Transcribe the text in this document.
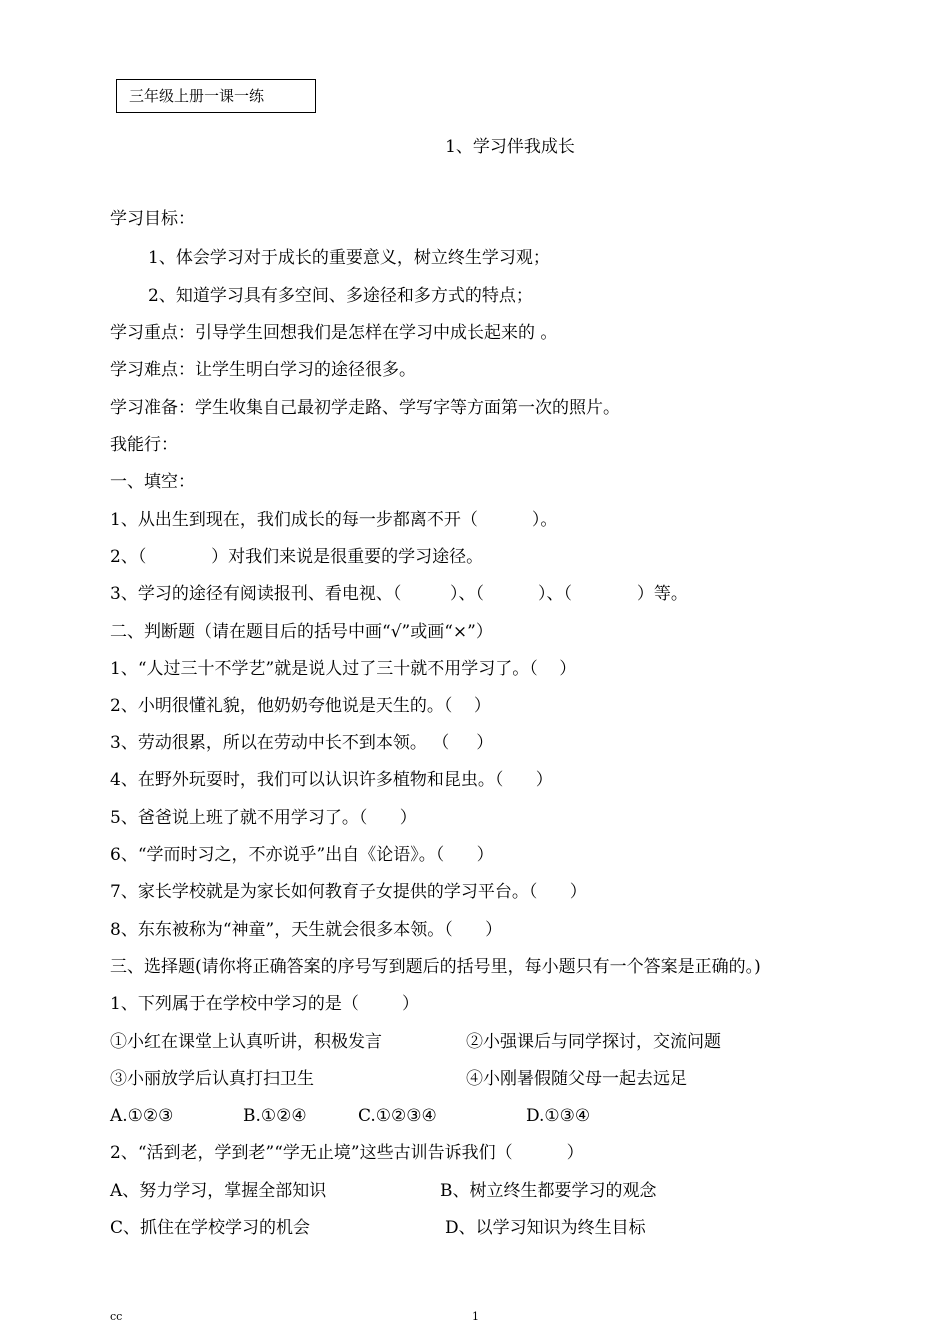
三年级上册一课一练
1、学习伴我成长
学习目标：
1、体会学习对于成长的重要意义，树立终生学习观；
2、知道学习具有多空间、多途径和多方式的特点；
学习重点：引导学生回想我们是怎样在学习中成长起来的 。
学习难点：让学生明白学习的途径很多。
学习准备：学生收集自己最初学走路、学写字等方面第一次的照片。
我能行：
一、填空：
1、从出生到现在，我们成长的每一步都离不开（          ）。
2、（            ）对我们来说是很重要的学习途径。
3、学习的途径有阅读报刊、看电视、（         ）、（          ）、（            ）等。
二、判断题（请在题目后的括号中画“√”或画“×”）
1、“人过三十不学艺”就是说人过了三十就不用学习了。（    ）
2、小明很懂礼貌，他奶奶夸他说是天生的。（    ）
3、劳动很累，所以在劳动中长不到本领。 （     ）
4、在野外玩耍时，我们可以认识许多植物和昆虫。（      ）
5、爸爸说上班了就不用学习了。（      ）
6、“学而时习之，不亦说乎”出自《论语》。（      ）
7、家长学校就是为家长如何教育子女提供的学习平台。（      ）
8、东东被称为“神童”，天生就会很多本领。（      ）
三、选择题(请你将正确答案的序号写到题后的括号里，每小题只有一个答案是正确的。)
1、下列属于在学校中学习的是（        ）
①小红在课堂上认真听讲，积极发言	②小强课后与同学探讨，交流问题
③小丽放学后认真打扫卫生	④小刚暑假随父母一起去远足
A.①②③	B.①②④	C.①②③④	D.①③④
2、“活到老，学到老”“学无止境”这些古训告诉我们（          ）
A、努力学习，掌握全部知识	B、树立终生都要学习的观念
C、抓住在学校学习的机会	D、以学习知识为终生目标
cc	1
